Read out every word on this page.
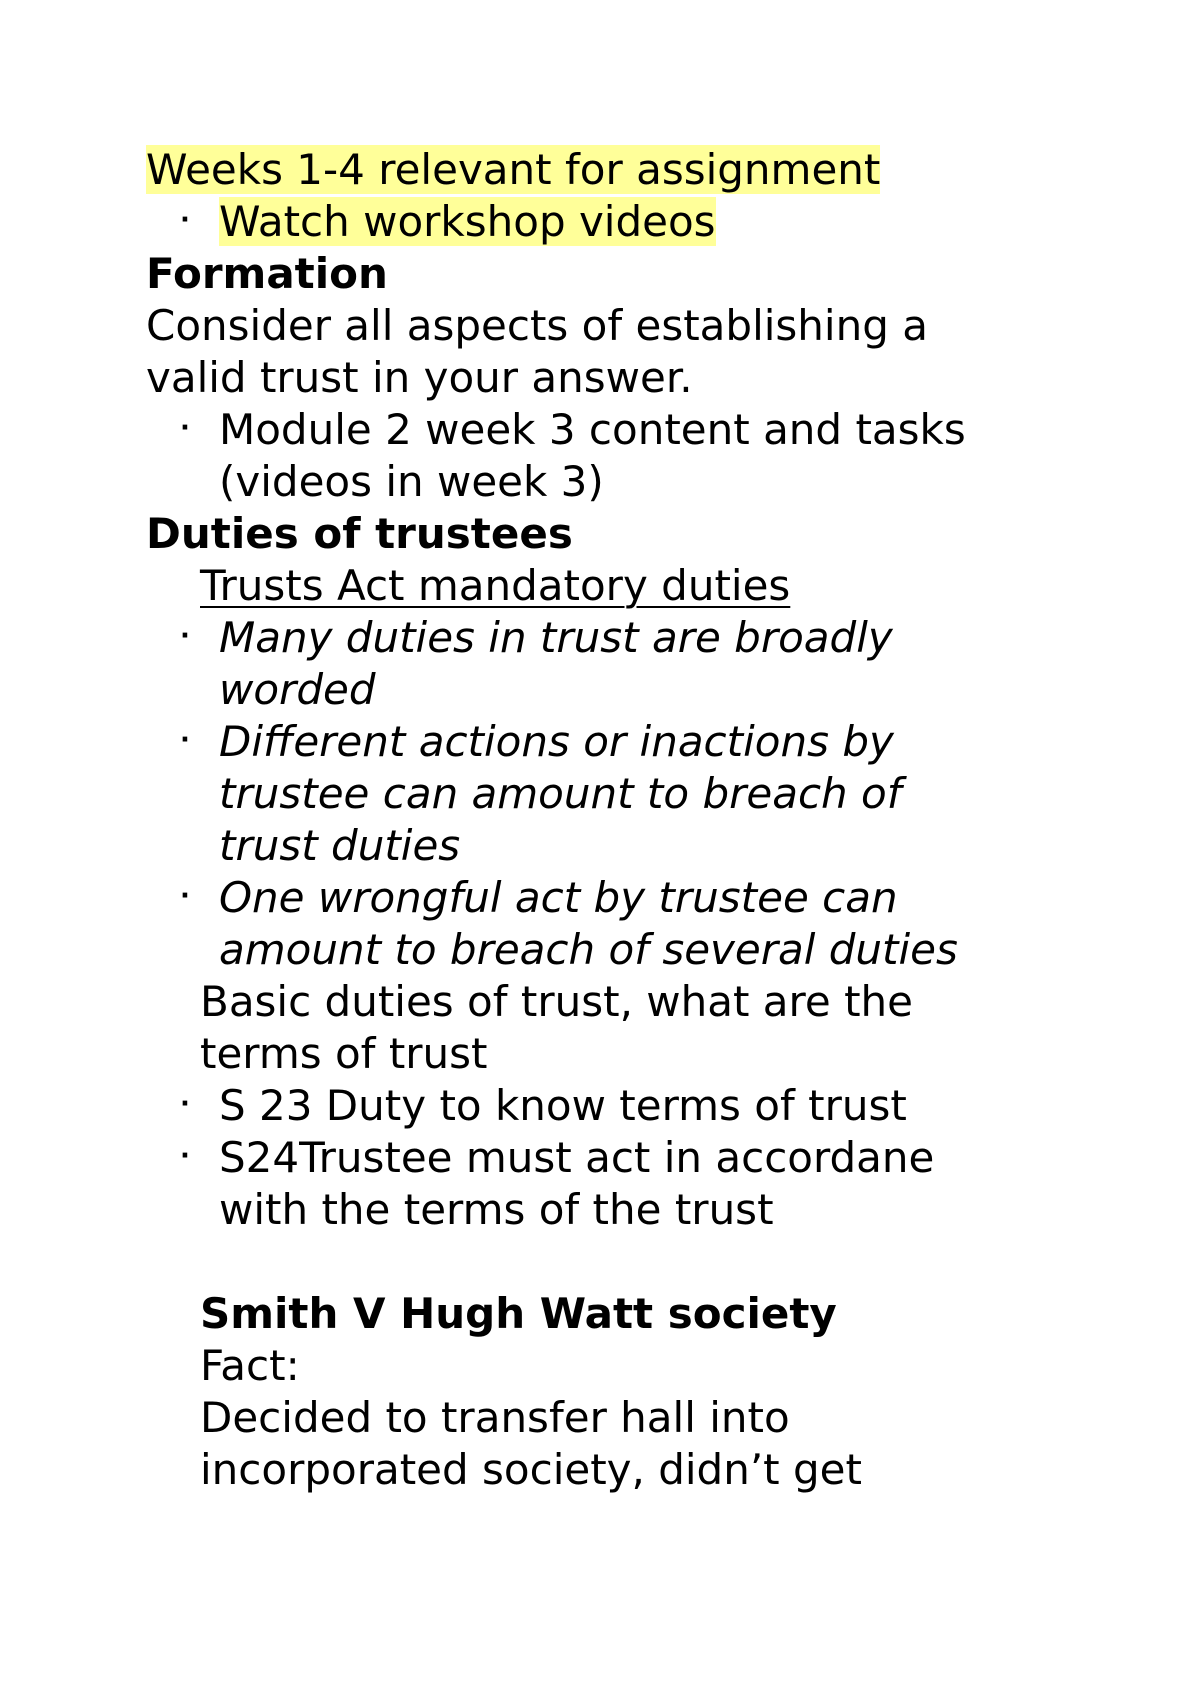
Weeks 1-4 relevant for assignment

· Watch workshop videos

Formation

Consider all aspects of establishing a

valid trust in your answer.

· Module 2 week 3 content and tasks

(videos in week 3)

Duties of trustees

Trusts Act mandatory duties

· Many duties in trust are broadly

worded

· Different actions or inactions by

trustee can amount to breach of

trust duties

· One wrongful act by trustee can

amount to breach of several duties

Basic duties of trust, what are the

terms of trust

· S 23 Duty to know terms of trust

· S24Trustee must act in accordane

with the terms of the trust

Smith V Hugh Watt society

Fact:

Decided to transfer hall into

incorporated society, didn’t get
